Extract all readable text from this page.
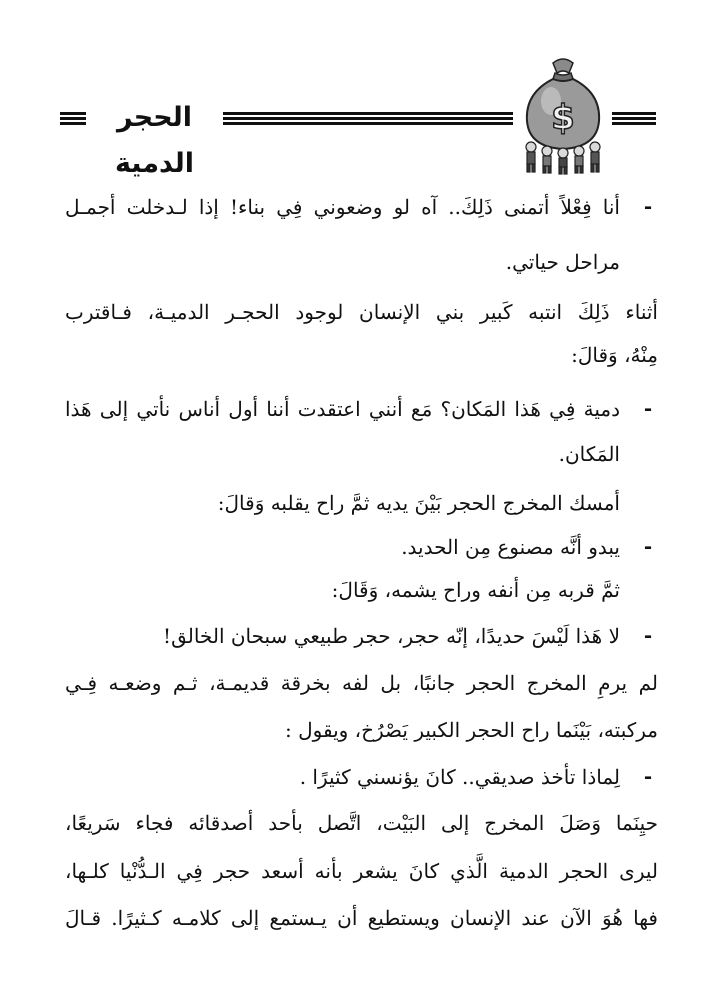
الحجر الدمية
$
-
أنا فِعْلاً أتمنى ذَلِكَ.. آه لو وضعوني فِي بناء! إذا لـدخلت أجمـل
مراحل حياتي.
أثناء ذَلِكَ انتبه كَبير بني الإنسان لوجود الحجـر الدميـة، فـاقترب
مِنْهُ، وَقالَ:
-
دمية فِي هَذا المَكان؟ مَع أنني اعتقدت أننا أول أناس نأتي إلى هَذا
المَكان.
أمسك المخرج الحجر بَيْنَ يديه ثمَّ راح يقلبه وَقالَ:
-
يبدو أنَّه مصنوع مِن الحديد.
ثمَّ قربه مِن أنفه وراح يشمه، وَقَالَ:
-
لا هَذا لَيْسَ حديدًا، إنّه حجر، حجر طبيعي سبحان الخالق!
لم يرمِ المخرج الحجر جانبًا، بل لفه بخرقة قديمـة، ثـم وضعـه فِـي
مركبته، بَيْنَما راح الحجر الكبير يَصْرُخ، ويقول :
-
لِماذا تأخذ صديقي.. كانَ يؤنسني كثيرًا .
حيِنَما وَصَلَ المخرج إلى البَيْت، اتَّصل بأحد أصدقائه فجاء سَريعًا،
ليرى الحجر الدمية الَّذي كانَ يشعر بأنه أسعد حجر فِي الـدُّنْيا كلـها،
فها هُوَ الآن عند الإنسان ويستطيع أن يـستمع إلى كلامـه كـثيرًا. قـالَ
